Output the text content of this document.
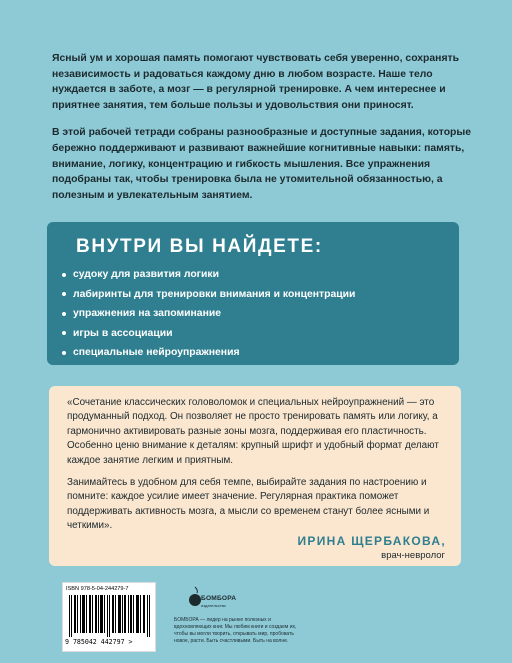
Ясный ум и хорошая память помогают чувствовать себя уверенно, сохранять независимость и радоваться каждому дню в любом возрасте. Наше тело нуждается в заботе, а мозг — в регулярной тренировке. А чем интереснее и приятнее занятия, тем больше пользы и удовольствия они приносят.

В этой рабочей тетради собраны разнообразные и доступные задания, которые бережно поддерживают и развивают важнейшие когнитивные навыки: память, внимание, логику, концентрацию и гибкость мышления. Все упражнения подобраны так, чтобы тренировка была не утомительной обязанностью, а полезным и увлекательным занятием.

ВНУТРИ ВЫ НАЙДЕТЕ:
судоку для развития логики
лабиринты для тренировки внимания и концентрации
упражнения на запоминание
игры в ассоциации
специальные нейроупражнения

«Сочетание классических головоломок и специальных нейроупражнений — это продуманный подход. Он позволяет не просто тренировать память или логику, а гармонично активировать разные зоны мозга, поддерживая его пластичность. Особенно ценю внимание к деталям: крупный шрифт и удобный формат делают каждое занятие легким и приятным.

Занимайтесь в удобном для себя темпе, выбирайте задания по настроению и помните: каждое усилие имеет значение. Регулярная практика поможет поддерживать активность мозга, а мысли со временем станут более ясными и четкими».

ИРИНА ЩЕРБАКОВА,
врач-невролог
ISBN 978-5-04-244279-7
9 785042 442797 >
БОМБОРА
издательство
БОМБОРА — лидер на рынке полезных и вдохновляющих книг. Мы любим книги и создаем их, чтобы вы могли творить, открывать мир, пробовать новое, расти. Быть счастливыми. Быть на волне.
